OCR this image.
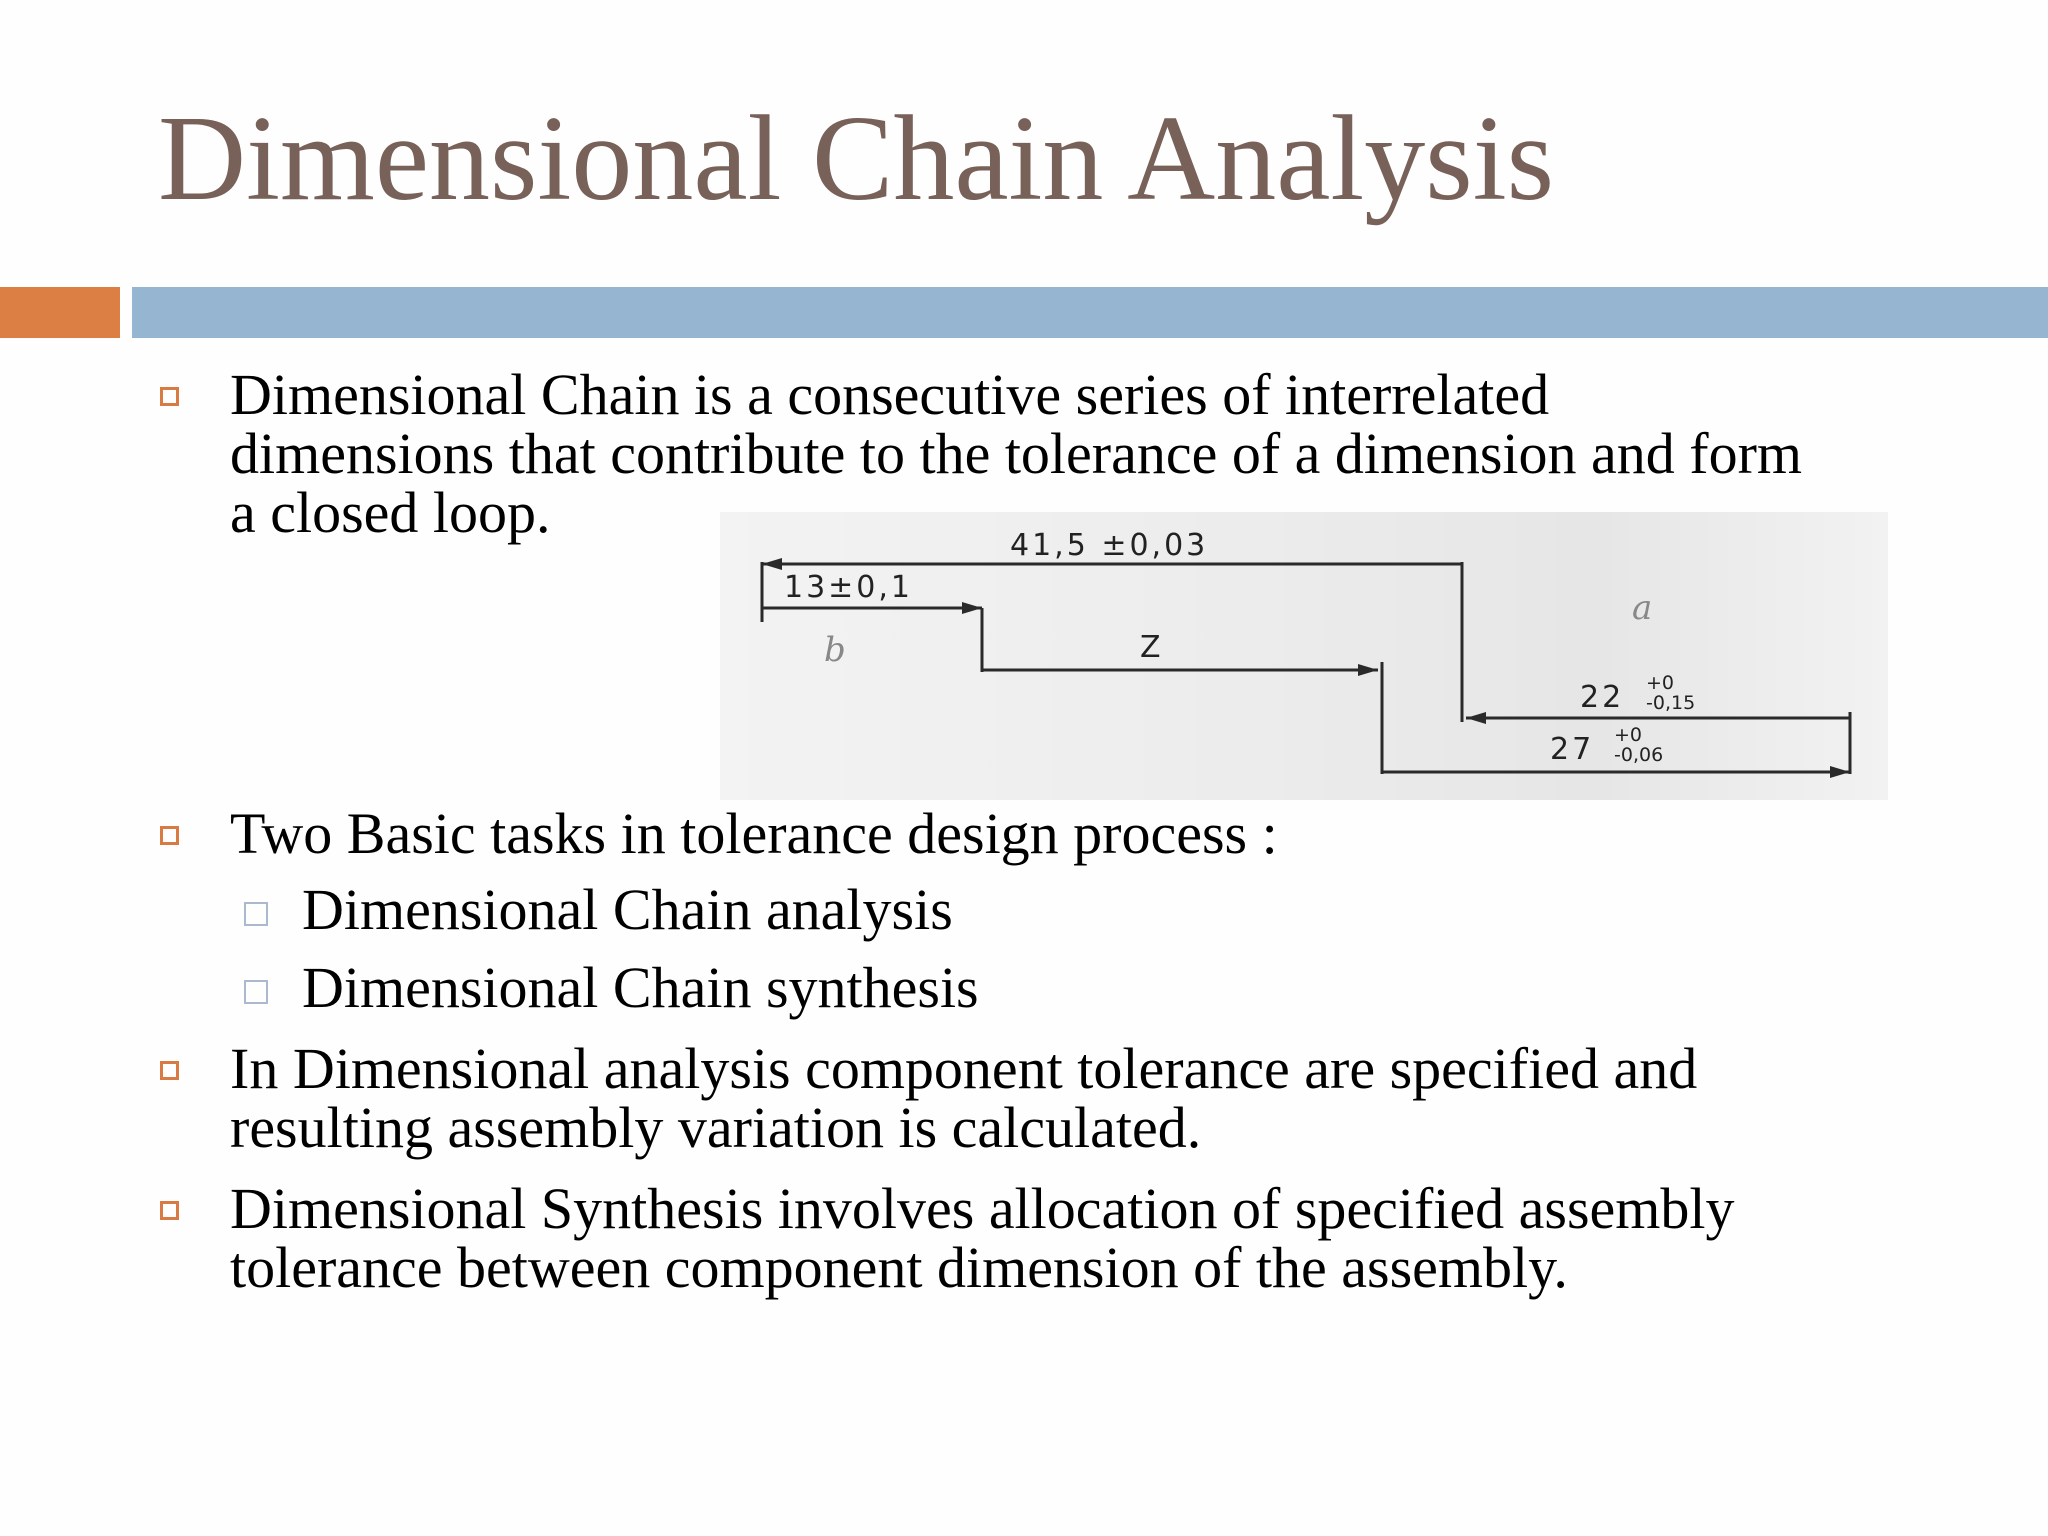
Dimensional Chain Analysis
Dimensional Chain is a consecutive series of interrelated
dimensions that contribute to the tolerance of a dimension and form
a closed loop.
41,5 ±0,03
13±0,1
b	Z
a
22 +0
-0,15
27 +0
-0,06
Two Basic tasks in tolerance design process :
Dimensional Chain analysis
Dimensional Chain synthesis
In Dimensional analysis component tolerance are specified and
resulting assembly variation is calculated.
Dimensional Synthesis involves allocation of specified assembly
tolerance between component dimension of the assembly.
